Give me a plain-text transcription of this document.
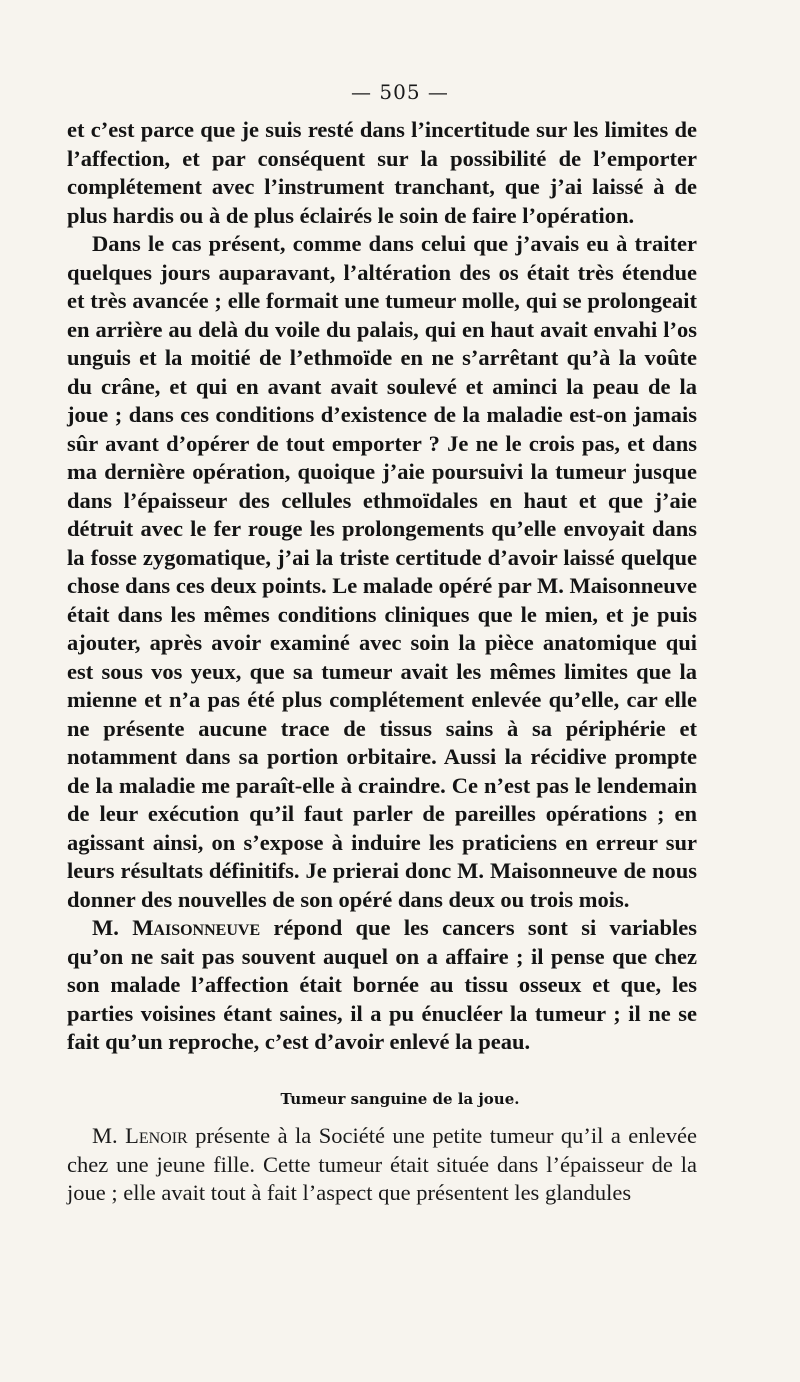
— 505 —

et c’est parce que je suis resté dans l’incertitude sur les limites de l’affection, et par conséquent sur la possibilité de l’emporter complétement avec l’instrument tranchant, que j’ai laissé à de plus hardis ou à de plus éclairés le soin de faire l’opération.

Dans le cas présent, comme dans celui que j’avais eu à traiter quelques jours auparavant, l’altération des os était très étendue et très avancée ; elle formait une tumeur molle, qui se prolongeait en arrière au delà du voile du palais, qui en haut avait envahi l’os unguis et la moitié de l’ethmoïde en ne s’arrêtant qu’à la voûte du crâne, et qui en avant avait soulevé et aminci la peau de la joue ; dans ces conditions d’existence de la maladie est-on jamais sûr avant d’opérer de tout emporter ? Je ne le crois pas, et dans ma dernière opération, quoique j’aie poursuivi la tumeur jusque dans l’épaisseur des cellules ethmoïdales en haut et que j’aie détruit avec le fer rouge les prolongements qu’elle envoyait dans la fosse zygomatique, j’ai la triste certitude d’avoir laissé quelque chose dans ces deux points. Le malade opéré par M. Maisonneuve était dans les mêmes conditions cliniques que le mien, et je puis ajouter, après avoir examiné avec soin la pièce anatomique qui est sous vos yeux, que sa tumeur avait les mêmes limites que la mienne et n’a pas été plus complétement enlevée qu’elle, car elle ne présente aucune trace de tissus sains à sa périphérie et notamment dans sa portion orbitaire. Aussi la récidive prompte de la maladie me paraît-elle à craindre. Ce n’est pas le lendemain de leur exécution qu’il faut parler de pareilles opérations ; en agissant ainsi, on s’expose à induire les praticiens en erreur sur leurs résultats définitifs. Je prierai donc M. Maisonneuve de nous donner des nouvelles de son opéré dans deux ou trois mois.

M. Maisonneuve répond que les cancers sont si variables qu’on ne sait pas souvent auquel on a affaire ; il pense que chez son malade l’affection était bornée au tissu osseux et que, les parties voisines étant saines, il a pu énucléer la tumeur ; il ne se fait qu’un reproche, c’est d’avoir enlevé la peau.

Tumeur sanguine de la joue.

M. Lenoir présente à la Société une petite tumeur qu’il a enlevée chez une jeune fille. Cette tumeur était située dans l’épaisseur de la joue ; elle avait tout à fait l’aspect que présentent les glandules
